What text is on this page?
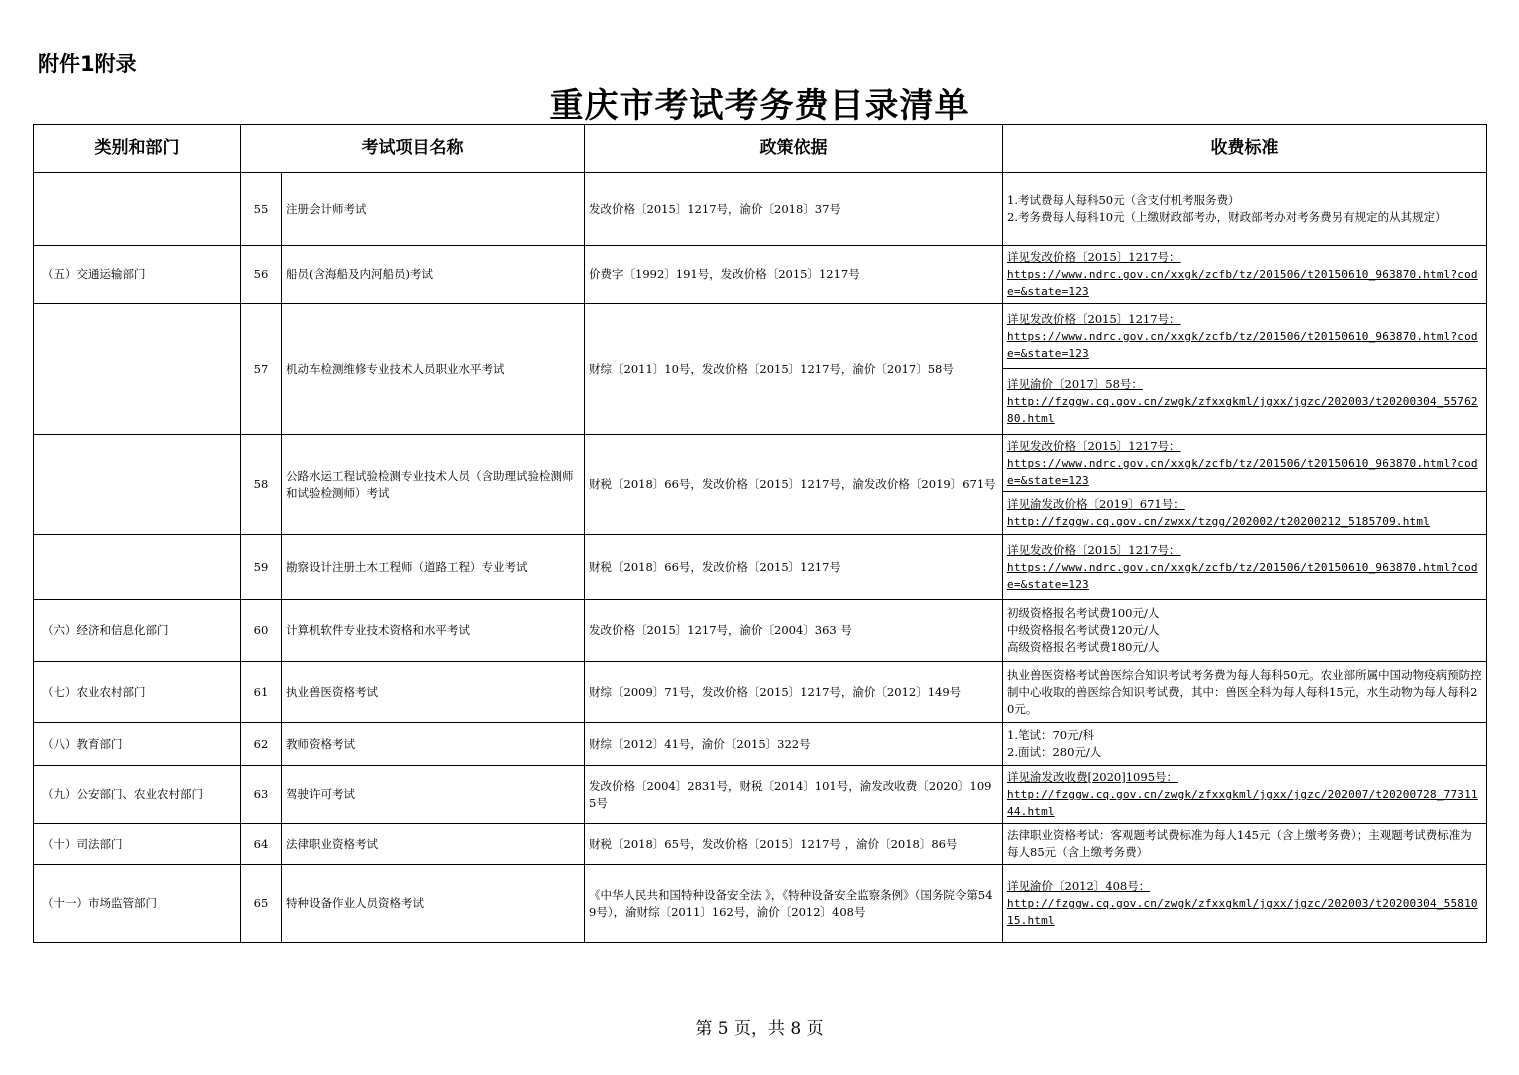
附件1附录
重庆市考试考务费目录清单
类别和部门	考试项目名称		政策依据	收费标准
	55	注册会计师考试	发改价格〔2015〕1217号，渝价〔2018〕37号	1.考试费每人每科50元（含支付机考服务费）
2.考务费每人每科10元（上缴财政部考办，财政部考办对考务费另有规定的从其规定）

（五）交通运输部门	56	船员(含海船及内河船员)考试	价费字〔1992〕191号，发改价格〔2015〕1217号	详见发改价格〔2015〕1217号：
https://www.ndrc.gov.cn/xxgk/zcfb/tz/201506/t20150610_963870.html?code=&state=123

	57	机动车检测维修专业技术人员职业水平考试	财综〔2011〕10号，发改价格〔2015〕1217号，渝价〔2017〕58号	详见发改价格〔2015〕1217号：
https://www.ndrc.gov.cn/xxgk/zcfb/tz/201506/t20150610_963870.html?code=&state=123

				详见渝价〔2017〕58号：
http://fzggw.cq.gov.cn/zwgk/zfxxgkml/jgxx/jgzc/202003/t20200304_5576280.html

	58	公路水运工程试验检测专业技术人员（含助理试验检测师和试验检测师）考试	财税〔2018〕66号，发改价格〔2015〕1217号，渝发改价格〔2019〕671号	详见发改价格〔2015〕1217号：
https://www.ndrc.gov.cn/xxgk/zcfb/tz/201506/t20150610_963870.html?code=&state=123

				详见渝发改价格〔2019〕671号：
http://fzggw.cq.gov.cn/zwxx/tzgg/202002/t20200212_5185709.html

	59	勘察设计注册土木工程师（道路工程）专业考试	财税〔2018〕66号，发改价格〔2015〕1217号	详见发改价格〔2015〕1217号：
https://www.ndrc.gov.cn/xxgk/zcfb/tz/201506/t20150610_963870.html?code=&state=123

（六）经济和信息化部门	60	计算机软件专业技术资格和水平考试	发改价格〔2015〕1217号，渝价〔2004〕363 号	初级资格报名考试费100元/人
中级资格报名考试费120元/人
高级资格报名考试费180元/人

（七）农业农村部门	61	执业兽医资格考试	财综〔2009〕71号，发改价格〔2015〕1217号，渝价〔2012〕149号	执业兽医资格考试兽医综合知识考试考务费为每人每科50元。农业部所属中国动物疫病预防控制中心收取的兽医综合知识考试费，其中：兽医全科为每人每科15元，水生动物为每人每科20元。

（八）教育部门	62	教师资格考试	财综〔2012〕41号，渝价〔2015〕322号	1.笔试：70元/科
2.面试：280元/人

（九）公安部门、农业农村部门	63	驾驶许可考试	发改价格〔2004〕2831号，财税〔2014〕101号，渝发改收费〔2020〕1095号	详见渝发改收费[2020]1095号：
http://fzggw.cq.gov.cn/zwgk/zfxxgkml/jgxx/jgzc/202007/t20200728_7731144.html

（十）司法部门	64	法律职业资格考试	财税〔2018〕65号，发改价格〔2015〕1217号 ，渝价〔2018〕86号	法律职业资格考试：客观题考试费标准为每人145元（含上缴考务费）；主观题考试费标准为每人85元（含上缴考务费）

（十一）市场监管部门	65	特种设备作业人员资格考试	《中华人民共和国特种设备安全法 》，《特种设备安全监察条例》（国务院令第549号），渝财综〔2011〕162号，渝价〔2012〕408号	详见渝价〔2012〕408号：
http://fzggw.cq.gov.cn/zwgk/zfxxgkml/jgxx/jgzc/202003/t20200304_5581015.html
第 5 页，共 8 页
